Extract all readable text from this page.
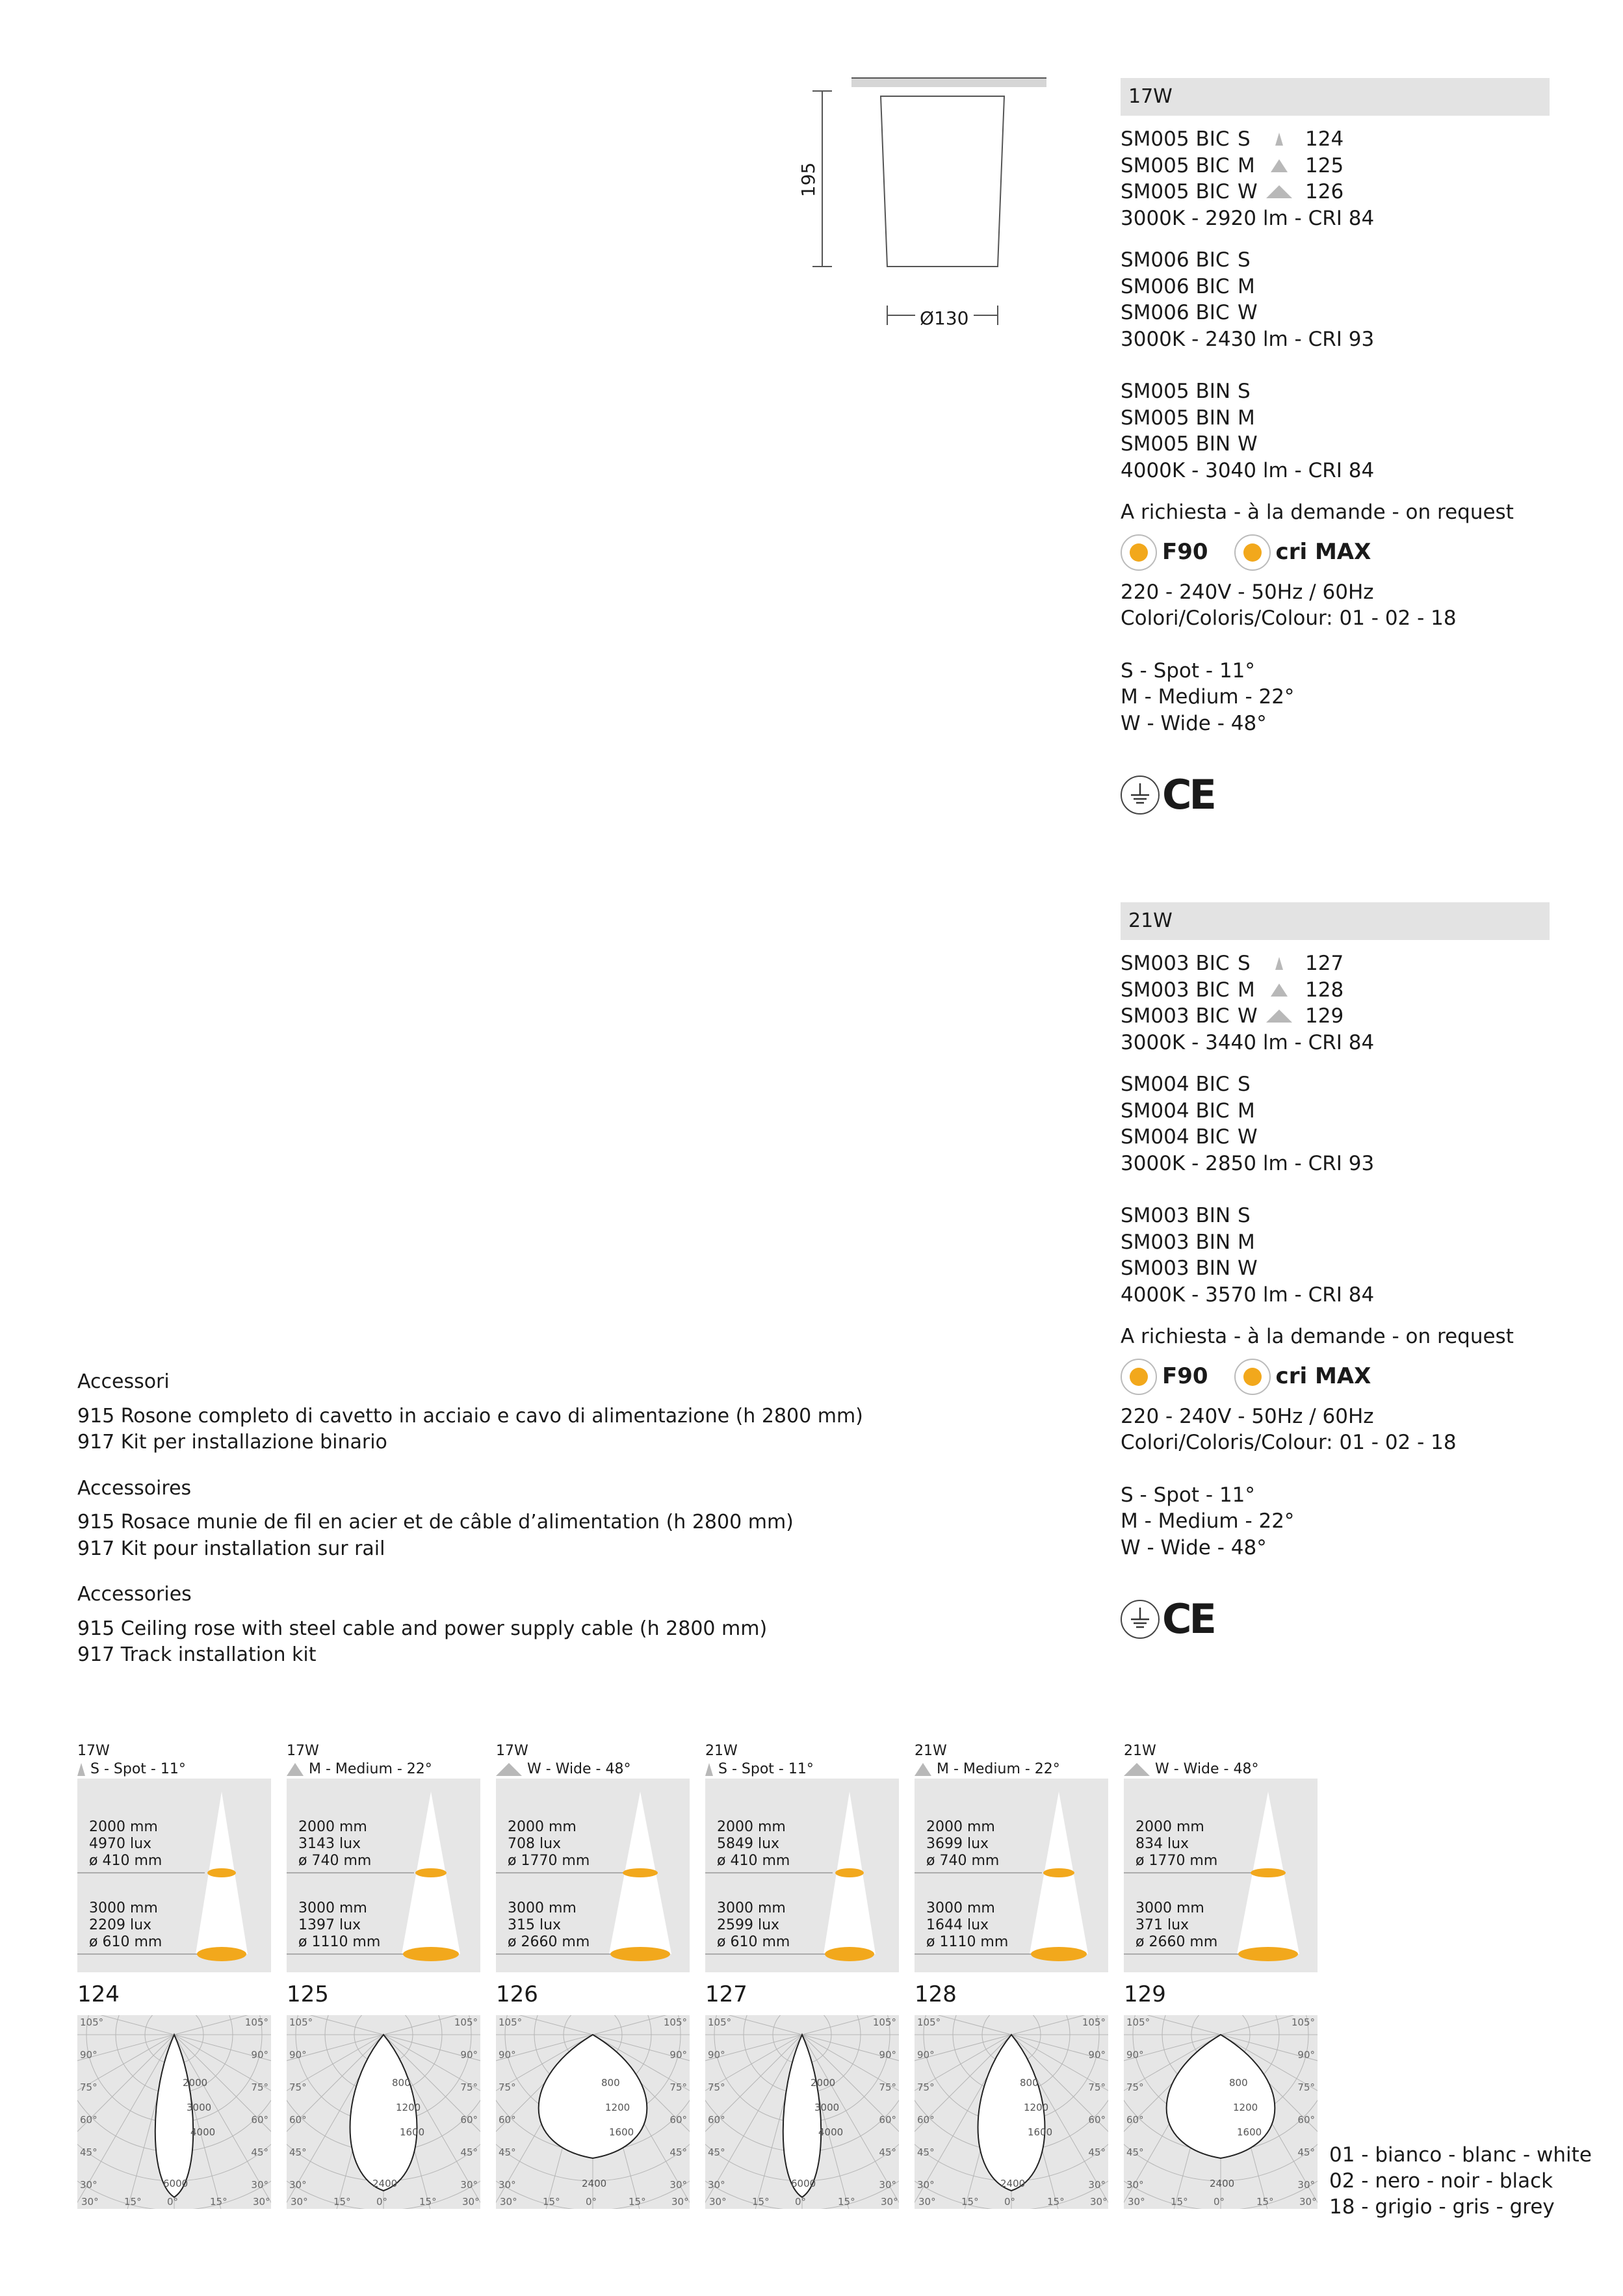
195
Ø130
17W
SM005 BIC S	124
SM005 BIC M	125
SM005 BIC W	126
3000K - 2920 lm - CRI 84
SM006 BIC S
SM006 BIC M
SM006 BIC W
3000K - 2430 lm - CRI 93
SM005 BIN S
SM005 BIN M
SM005 BIN W
4000K - 3040 lm - CRI 84
A richiesta - à la demande - on request
F90	cri MAX
220 - 240V - 50Hz / 60Hz
Colori/Coloris/Colour: 01 - 02 - 18
S - Spot - 11°
M - Medium - 22°
W - Wide - 48°
CE
21W
SM003 BIC S	127
SM003 BIC M	128
SM003 BIC W	129
3000K - 3440 lm - CRI 84
SM004 BIC S
SM004 BIC M
SM004 BIC W
3000K - 2850 lm - CRI 93
SM003 BIN S
SM003 BIN M
SM003 BIN W
4000K - 3570 lm - CRI 84
A richiesta - à la demande - on request
F90	cri MAX
220 - 240V - 50Hz / 60Hz
Colori/Coloris/Colour: 01 - 02 - 18
S - Spot - 11°
M - Medium - 22°
W - Wide - 48°
CE
Accessori
915 Rosone completo di cavetto in acciaio e cavo di alimentazione (h 2800 mm)
917 Kit per installazione binario
Accessoires
915 Rosace munie de fil en acier et de câble d’alimentation (h 2800 mm)
917 Kit pour installation sur rail
Accessories
915 Ceiling rose with steel cable and power supply cable (h 2800 mm)
917 Track installation kit
17W
S - Spot - 11°
2000 mm
4970 lux
ø 410 mm
3000 mm
2209 lux
ø 610 mm
124
105°
90°
75°
60°
45°
30°
105°
90°
75°
60°
45°
30°
30°	15°	0°	15°	30°
2000
3000
4000
6000
17W
M - Medium - 22°
2000 mm
3143 lux
ø 740 mm
3000 mm
1397 lux
ø 1110 mm
125
105°
90°
75°
60°
45°
30°
105°
90°
75°
60°
45°
30°
30°	15°	0°	15°	30°
800
1200
1600
2400
17W
W - Wide - 48°
2000 mm
708 lux
ø 1770 mm
3000 mm
315 lux
ø 2660 mm
126
105°
90°
75°
60°
45°
30°
105°
90°
75°
60°
45°
30°
30°	15°	0°	15°	30°
800
1200
1600
2400
21W
S - Spot - 11°
2000 mm
5849 lux
ø 410 mm
3000 mm
2599 lux
ø 610 mm
127
105°
90°
75°
60°
45°
30°
105°
90°
75°
60°
45°
30°
30°	15°	0°	15°	30°
2000
3000
4000
6000
21W
M - Medium - 22°
2000 mm
3699 lux
ø 740 mm
3000 mm
1644 lux
ø 1110 mm
128
105°
90°
75°
60°
45°
30°
105°
90°
75°
60°
45°
30°
30°	15°	0°	15°	30°
800
1200
1600
2400
21W
W - Wide - 48°
2000 mm
834 lux
ø 1770 mm
3000 mm
371 lux
ø 2660 mm
129
105°
90°
75°
60°
45°
30°
105°
90°
75°
60°
45°
30°
30°	15°	0°	15°	30°
800
1200
1600
2400
01 - bianco - blanc - white
02 - nero - noir - black
18 - grigio - gris - grey
